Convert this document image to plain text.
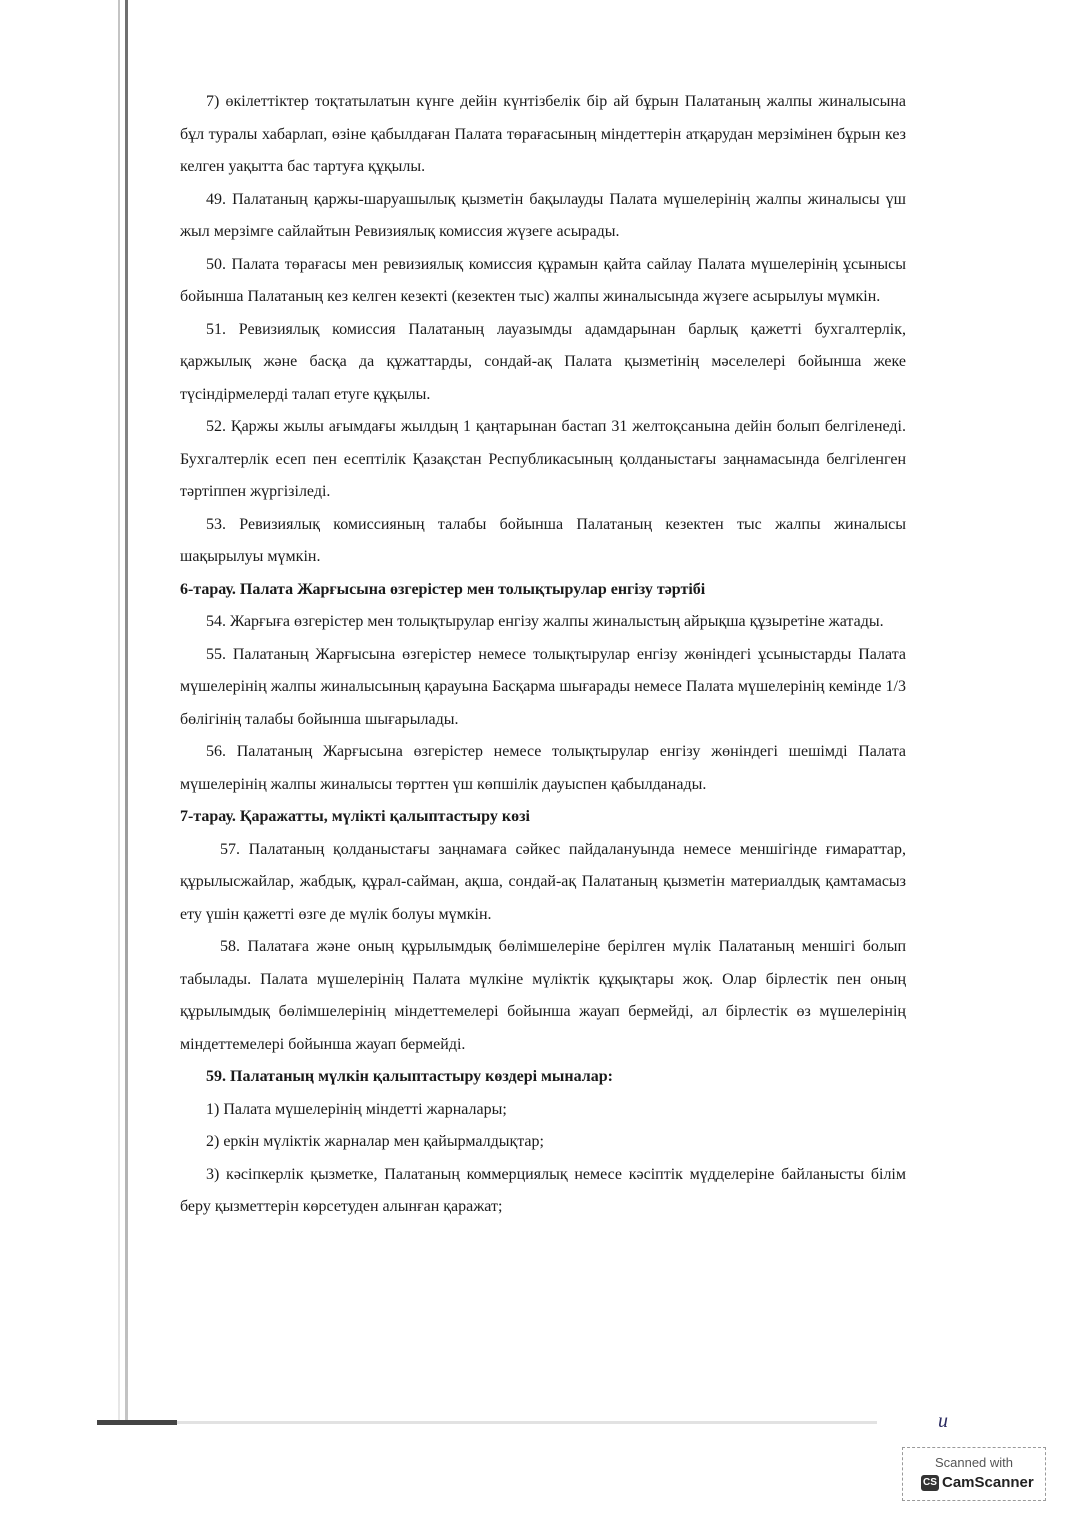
7) өкілеттіктер тоқтатылатын күнге дейін күнтізбелік бір ай бұрын Палатаның жалпы жиналысына бұл туралы хабарлап, өзіне қабылдаған Палата төрағасының міндеттерін атқарудан мерзімінен бұрын кез келген уақытта бас тартуға құқылы.

49. Палатаның қаржы-шаруашылық қызметін бақылауды Палата мүшелерінің жалпы жиналысы үш жыл мерзімге сайлайтын Ревизиялық комиссия жүзеге асырады.

50. Палата төрағасы мен ревизиялық комиссия құрамын қайта сайлау Палата мүшелерінің ұсынысы бойынша Палатаның кез келген кезекті (кезектен тыс) жалпы жиналысында жүзеге асырылуы мүмкін.

51. Ревизиялық комиссия Палатаның лауазымды адамдарынан барлық қажетті бухгалтерлік, қаржылық және басқа да құжаттарды, сондай-ақ Палата қызметінің мәселелері бойынша жеке түсіндірмелерді талап етуге құқылы.

52. Қаржы жылы ағымдағы жылдың 1 қаңтарынан бастап 31 желтоқсанына дейін болып белгіленеді. Бухгалтерлік есеп пен есептілік Қазақстан Республикасының қолданыстағы заңнамасында белгіленген тәртіппен жүргізіледі.

53. Ревизиялық комиссияның талабы бойынша Палатаның кезектен тыс жалпы жиналысы шақырылуы мүмкін.

6-тарау. Палата Жарғысына өзгерістер мен толықтырулар енгізу тәртібі

54. Жарғыға өзгерістер мен толықтырулар енгізу жалпы жиналыстың айрықша құзыретіне жатады.

55. Палатаның Жарғысына өзгерістер немесе толықтырулар енгізу жөніндегі ұсыныстарды Палата мүшелерінің жалпы жиналысының қарауына Басқарма шығарады немесе Палата мүшелерінің кемінде 1/3 бөлігінің талабы бойынша шығарылады.

56. Палатаның Жарғысына өзгерістер немесе толықтырулар енгізу жөніндегі шешімді Палата мүшелерінің жалпы жиналысы төрттен үш көпшілік дауыспен қабылданады.

7-тарау. Қаражатты, мүлікті қалыптастыру көзі

57. Палатаның қолданыстағы заңнамаға сәйкес пайдалануында немесе меншігінде ғимараттар, құрылысжайлар, жабдық, құрал-сайман, ақша, сондай-ақ Палатаның қызметін материалдық қамтамасыз ету үшін қажетті өзге де мүлік болуы мүмкін.

58. Палатаға және оның құрылымдық бөлімшелеріне берілген мүлік Палатаның меншігі болып табылады. Палата мүшелерінің Палата мүлкіне мүліктік құқықтары жоқ. Олар бірлестік пен оның құрылымдық бөлімшелерінің міндеттемелері бойынша жауап бермейді, ал бірлестік өз мүшелерінің міндеттемелері бойынша жауап бермейді.

59. Палатаның мүлкін қалыптастыру көздері мыналар:

1) Палата мүшелерінің міндетті жарналары;

2) еркін мүліктік жарналар мен қайырмалдықтар;

3) кәсіпкерлік қызметке, Палатаның коммерциялық немесе кәсіптік мүдделеріне байланысты білім беру қызметтерін көрсетуден алынған қаражат;

и
Scanned with
CS CamScanner
